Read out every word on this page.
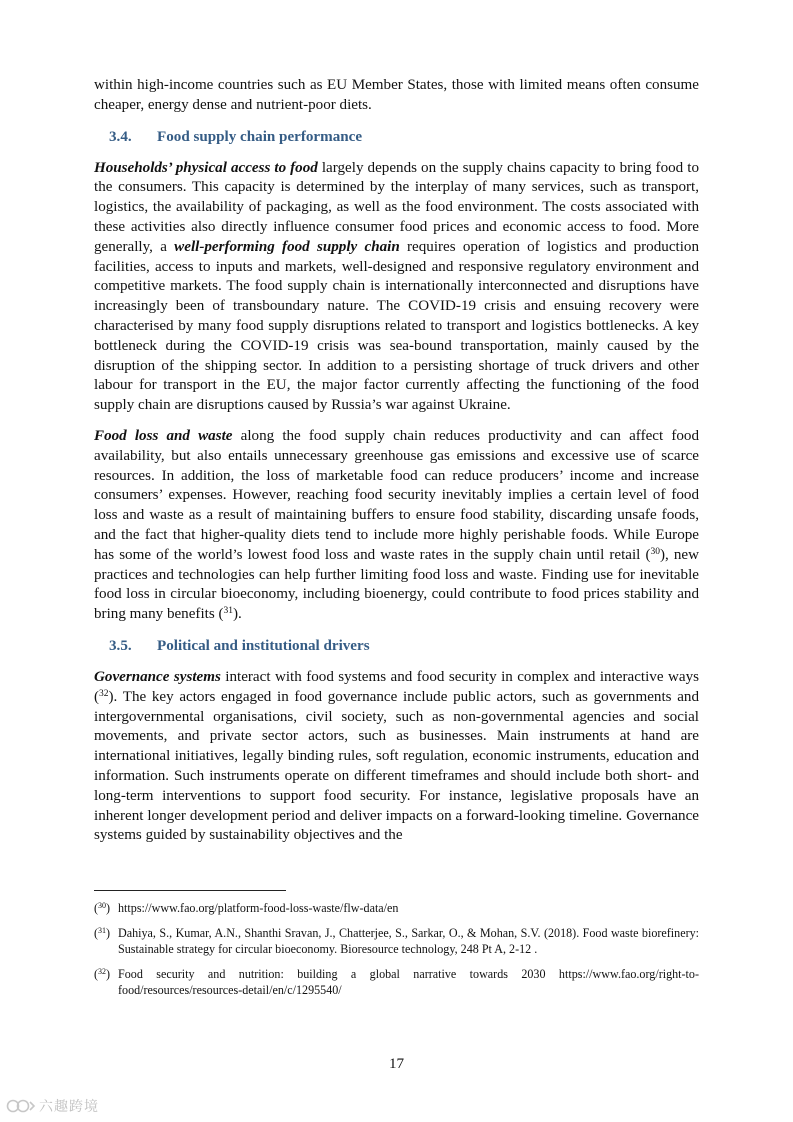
within high-income countries such as EU Member States, those with limited means often consume cheaper, energy dense and nutrient-poor diets.

3.4. Food supply chain performance

Households’ physical access to food largely depends on the supply chains capacity to bring food to the consumers. This capacity is determined by the interplay of many services, such as transport, logistics, the availability of packaging, as well as the food environment. The costs associated with these activities also directly influence consumer food prices and economic access to food. More generally, a well-performing food supply chain requires operation of logistics and production facilities, access to inputs and markets, well-designed and responsive regulatory environment and competitive markets. The food supply chain is internationally interconnected and disruptions have increasingly been of transboundary nature. The COVID-19 crisis and ensuing recovery were characterised by many food supply disruptions related to transport and logistics bottlenecks. A key bottleneck during the COVID-19 crisis was sea-bound transportation, mainly caused by the disruption of the shipping sector. In addition to a persisting shortage of truck drivers and other labour for transport in the EU, the major factor currently affecting the functioning of the food supply chain are disruptions caused by Russia’s war against Ukraine.

Food loss and waste along the food supply chain reduces productivity and can affect food availability, but also entails unnecessary greenhouse gas emissions and excessive use of scarce resources. In addition, the loss of marketable food can reduce producers’ income and increase consumers’ expenses. However, reaching food security inevitably implies a certain level of food loss and waste as a result of maintaining buffers to ensure food stability, discarding unsafe foods, and the fact that higher-quality diets tend to include more highly perishable foods. While Europe has some of the world’s lowest food loss and waste rates in the supply chain until retail ($^{30}$), new practices and technologies can help further limiting food loss and waste. Finding use for inevitable food loss in circular bioeconomy, including bioenergy, could contribute to food prices stability and bring many benefits ($^{31}$).

3.5. Political and institutional drivers

Governance systems interact with food systems and food security in complex and interactive ways ($^{32}$). The key actors engaged in food governance include public actors, such as governments and intergovernmental organisations, civil society, such as non-governmental agencies and social movements, and private sector actors, such as businesses. Main instruments at hand are international initiatives, legally binding rules, soft regulation, economic instruments, education and information. Such instruments operate on different timeframes and should include both short- and long-term interventions to support food security. For instance, legislative proposals have an inherent longer development period and deliver impacts on a forward-looking timeline. Governance systems guided by sustainability objectives and the

($^{30}$) https://www.fao.org/platform-food-loss-waste/flw-data/en
($^{31}$) Dahiya, S., Kumar, A.N., Shanthi Sravan, J., Chatterjee, S., Sarkar, O., & Mohan, S.V. (2018). Food waste biorefinery: Sustainable strategy for circular bioeconomy. Bioresource technology, 248 Pt A, 2-12 .
($^{32}$) Food security and nutrition: building a global narrative towards 2030 https://www.fao.org/right-to-food/resources/resources-detail/en/c/1295540/
17
六趣跨境
